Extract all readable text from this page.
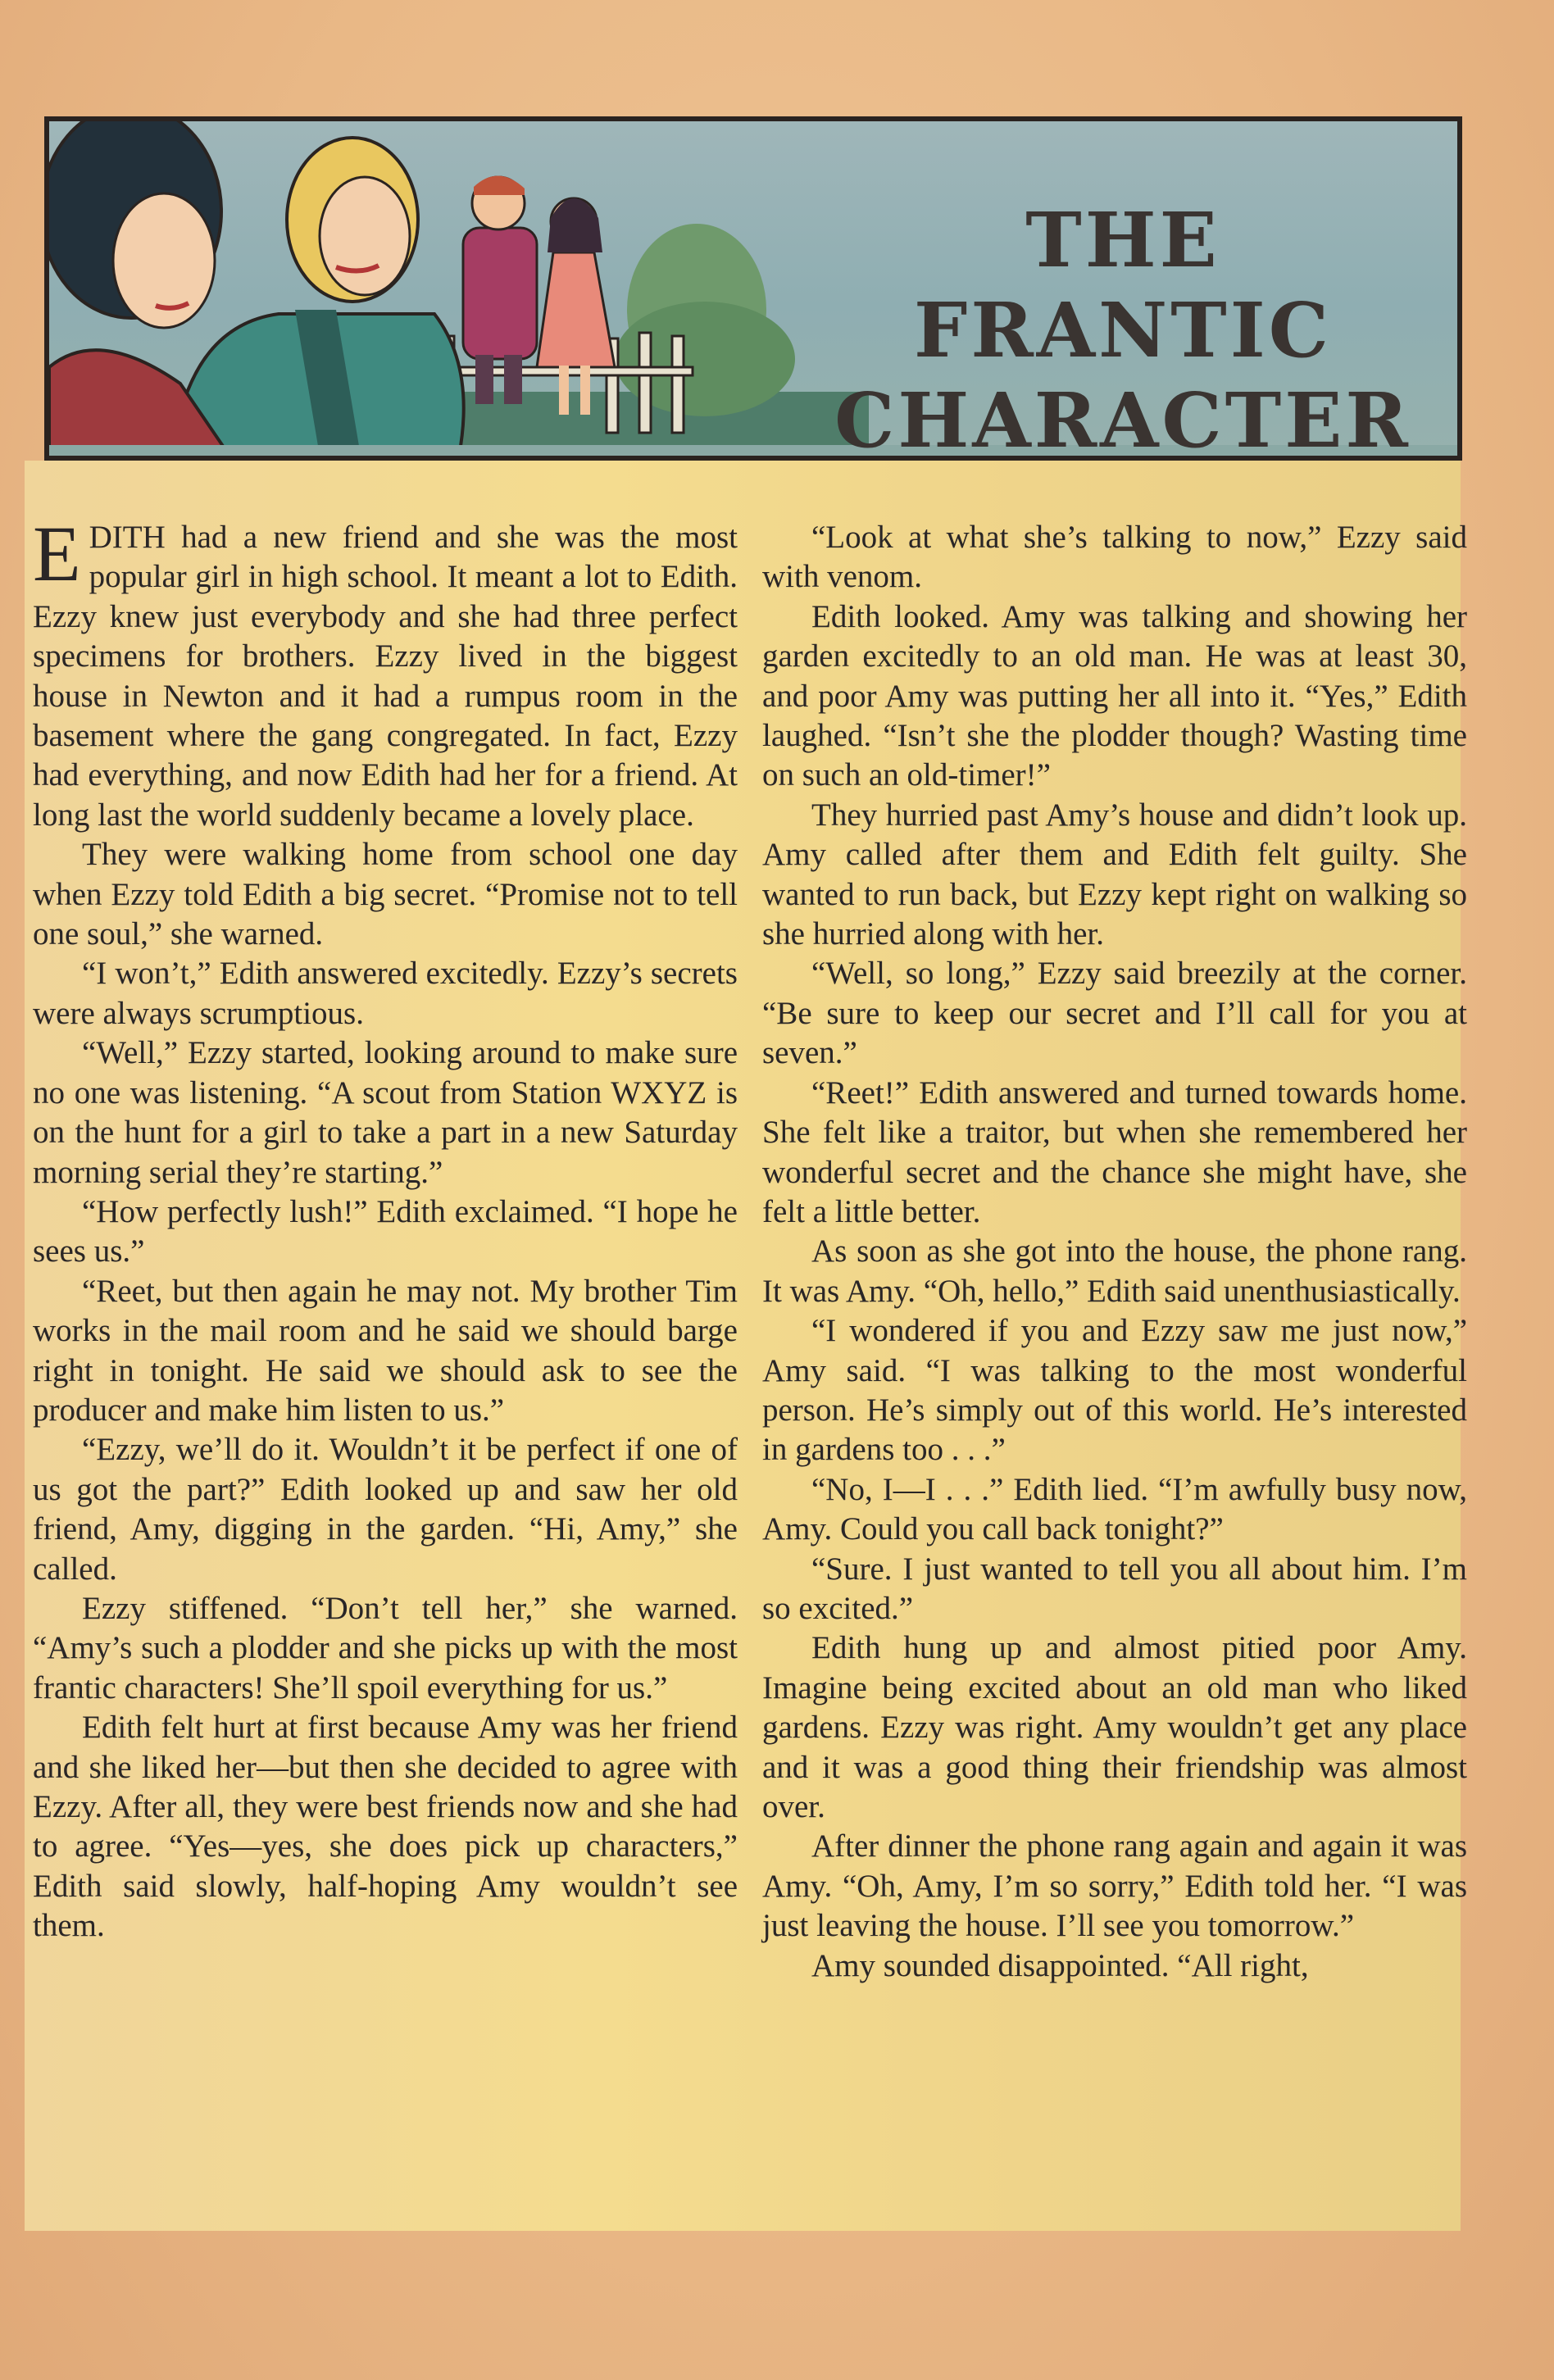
THE FRANTIC
CHARACTER

EDITH had a new friend and she was the most popular girl in high school. It meant a lot to Edith. Ezzy knew just everybody and she had three perfect specimens for brothers. Ezzy lived in the biggest house in Newton and it had a rumpus room in the basement where the gang congregated. In fact, Ezzy had everything, and now Edith had her for a friend. At long last the world suddenly became a lovely place.

They were walking home from school one day when Ezzy told Edith a big secret. “Promise not to tell one soul,” she warned.

“I won’t,” Edith answered excitedly. Ezzy’s secrets were always scrumptious.

“Well,” Ezzy started, looking around to make sure no one was listening. “A scout from Station WXYZ is on the hunt for a girl to take a part in a new Saturday morning serial they’re starting.”

“How perfectly lush!” Edith exclaimed. “I hope he sees us.”

“Reet, but then again he may not. My brother Tim works in the mail room and he said we should barge right in tonight. He said we should ask to see the producer and make him listen to us.”

“Ezzy, we’ll do it. Wouldn’t it be perfect if one of us got the part?” Edith looked up and saw her old friend, Amy, digging in the garden. “Hi, Amy,” she called.

Ezzy stiffened. “Don’t tell her,” she warned. “Amy’s such a plodder and she picks up with the most frantic characters! She’ll spoil everything for us.”

Edith felt hurt at first because Amy was her friend and she liked her—but then she decided to agree with Ezzy. After all, they were best friends now and she had to agree. “Yes—yes, she does pick up characters,” Edith said slowly, half-hoping Amy wouldn’t see them.

“Look at what she’s talking to now,” Ezzy said with venom.

Edith looked. Amy was talking and showing her garden excitedly to an old man. He was at least 30, and poor Amy was putting her all into it. “Yes,” Edith laughed. “Isn’t she the plodder though? Wasting time on such an old-timer!”

They hurried past Amy’s house and didn’t look up. Amy called after them and Edith felt guilty. She wanted to run back, but Ezzy kept right on walking so she hurried along with her.

“Well, so long,” Ezzy said breezily at the corner. “Be sure to keep our secret and I’ll call for you at seven.”

“Reet!” Edith answered and turned towards home. She felt like a traitor, but when she remembered her wonderful secret and the chance she might have, she felt a little better.

As soon as she got into the house, the phone rang. It was Amy. “Oh, hello,” Edith said unenthusiastically.

“I wondered if you and Ezzy saw me just now,” Amy said. “I was talking to the most wonderful person. He’s simply out of this world. He’s interested in gardens too . . .”

“No, I—I . . .” Edith lied. “I’m awfully busy now, Amy. Could you call back tonight?”

“Sure. I just wanted to tell you all about him. I’m so excited.”

Edith hung up and almost pitied poor Amy. Imagine being excited about an old man who liked gardens. Ezzy was right. Amy wouldn’t get any place and it was a good thing their friendship was almost over.

After dinner the phone rang again and again it was Amy. “Oh, Amy, I’m so sorry,” Edith told her. “I was just leaving the house. I’ll see you tomorrow.”

Amy sounded disappointed. “All right,
